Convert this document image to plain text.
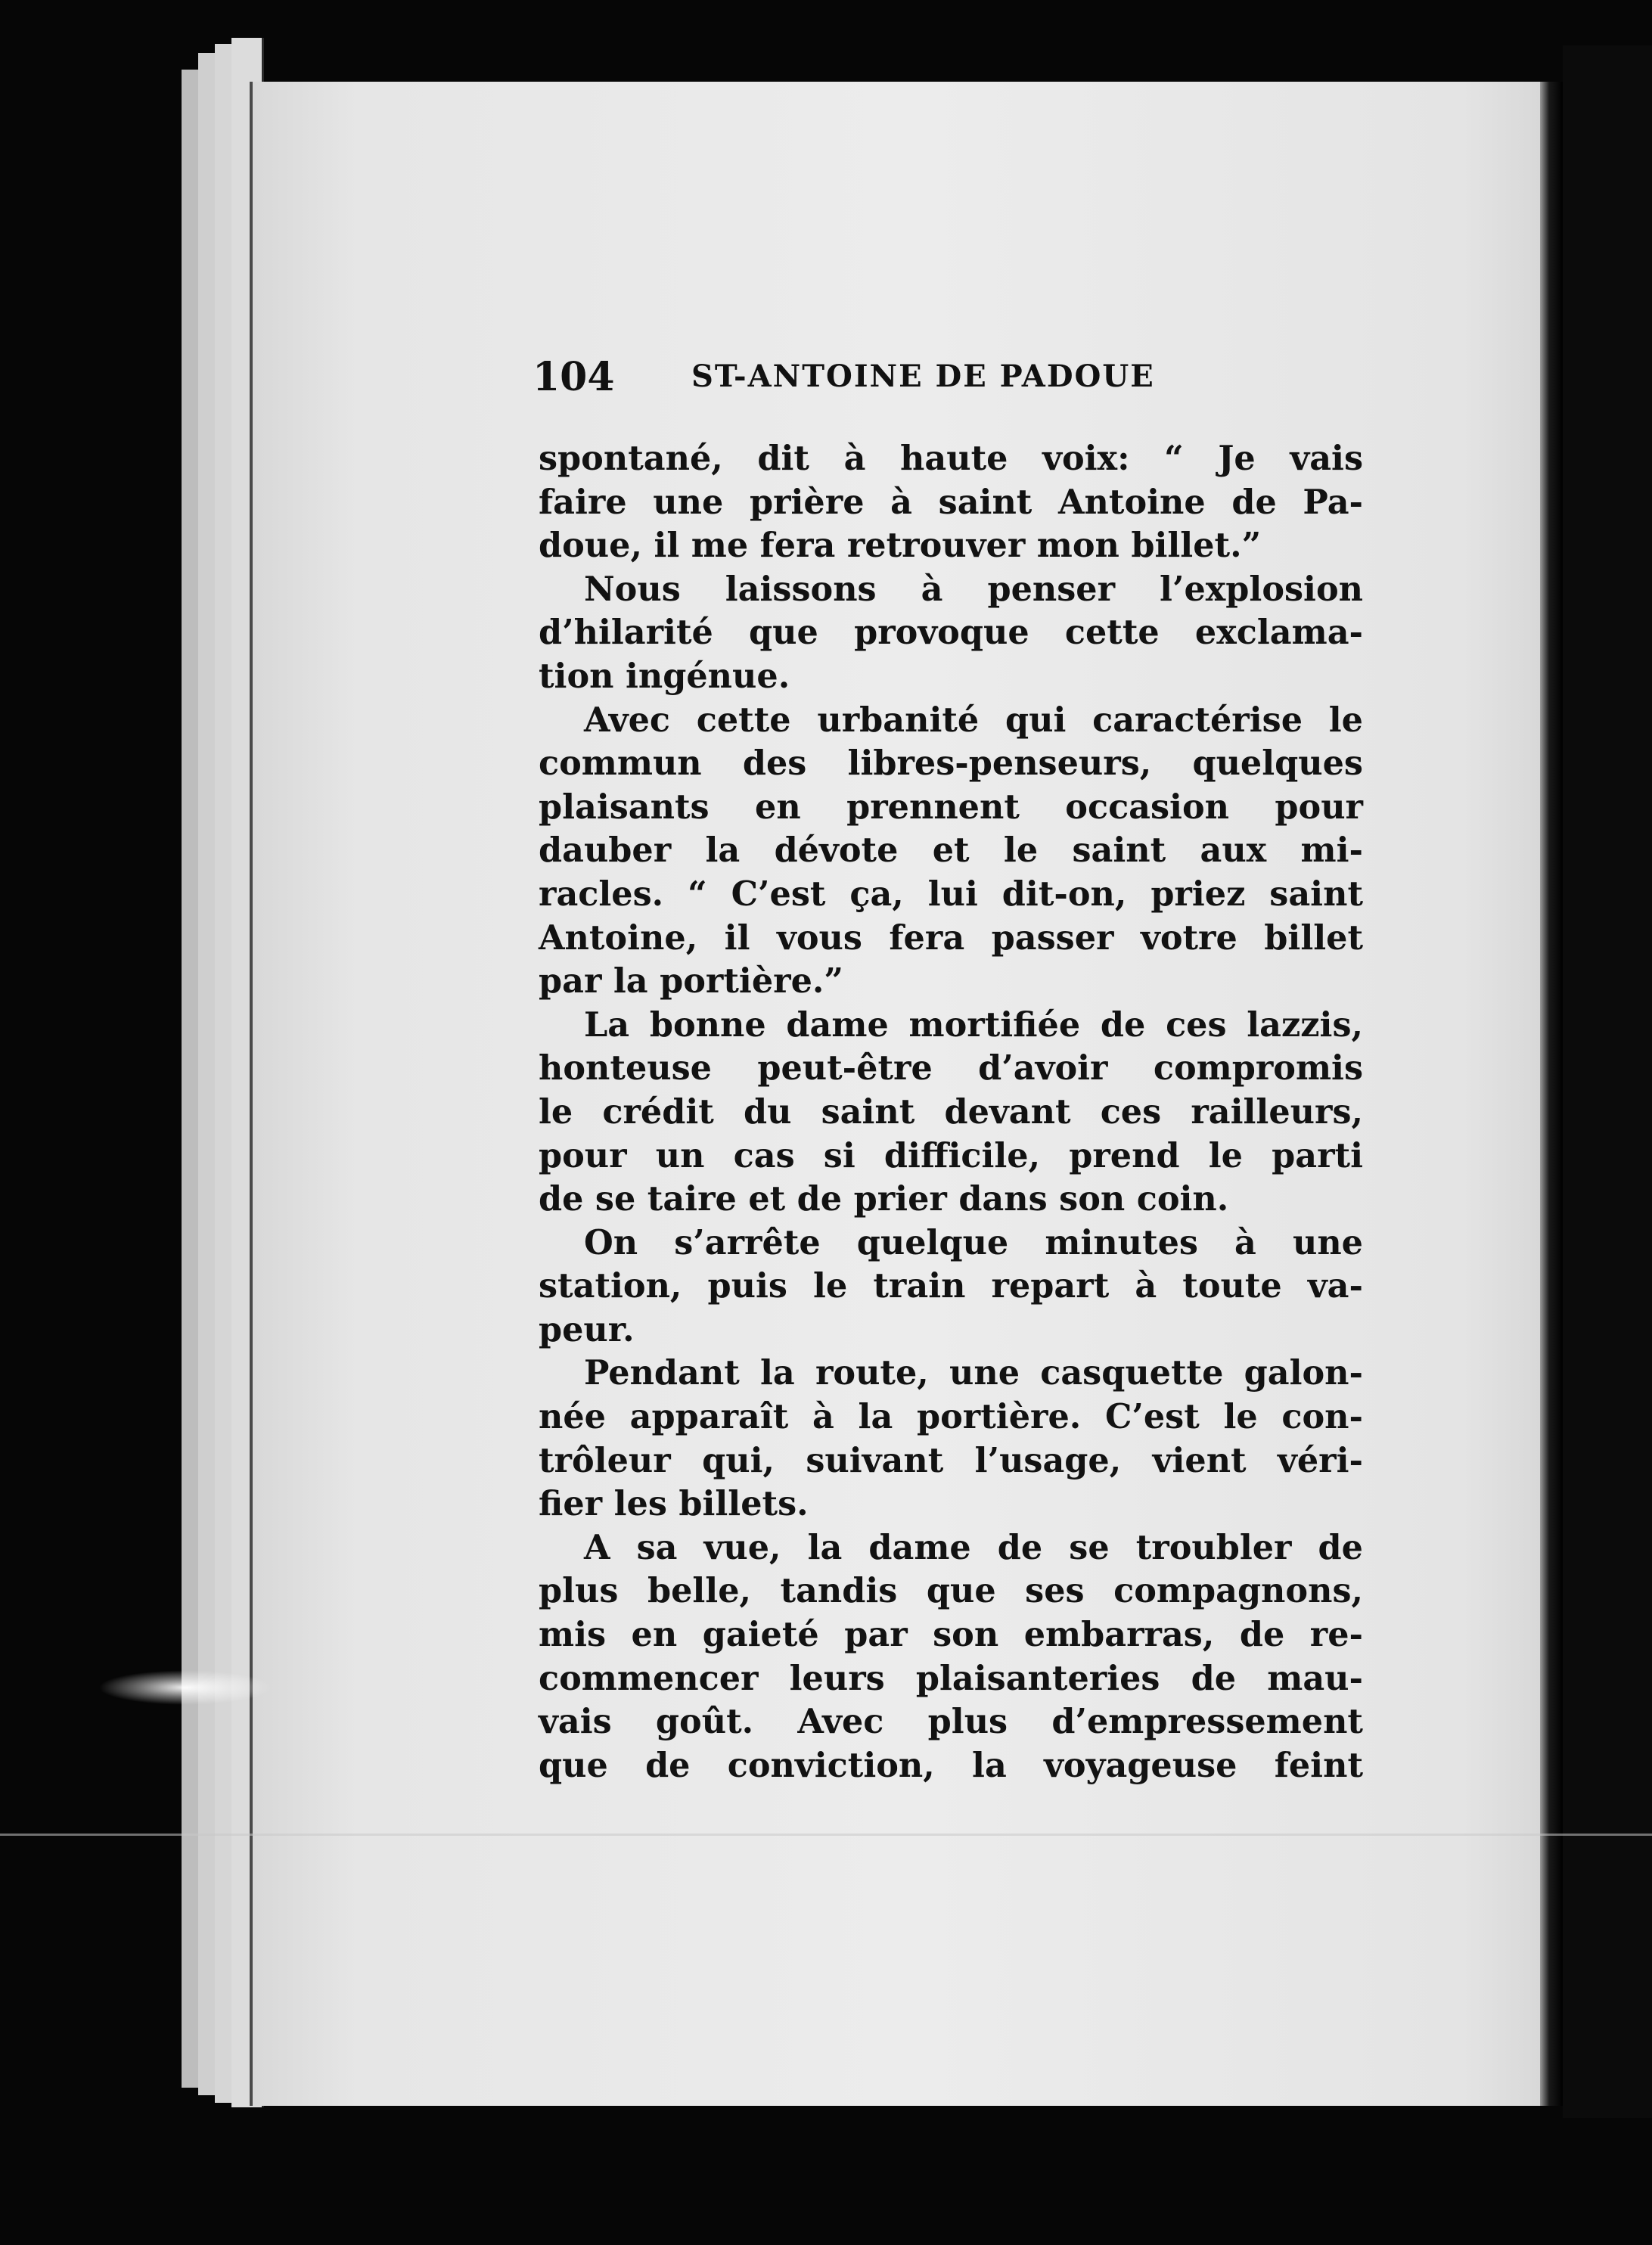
104	ST-ANTOINE DE PADOUE
spontané, dit à haute voix: “ Je vais
faire une prière à saint Antoine de Pa-
doue, il me fera retrouver mon billet.”
Nous laissons à penser l’explosion
d’hilarité que provoque cette exclama-
tion ingénue.
Avec cette urbanité qui caractérise le
commun des libres-penseurs, quelques
plaisants en prennent occasion pour
dauber la dévote et le saint aux mi-
racles. “ C’est ça, lui dit-on, priez saint
Antoine, il vous fera passer votre billet
par la portière.”
La bonne dame mortifiée de ces lazzis,
honteuse peut-être d’avoir compromis
le crédit du saint devant ces railleurs,
pour un cas si difficile, prend le parti
de se taire et de prier dans son coin.
On s’arrête quelque minutes à une
station, puis le train repart à toute va-
peur.
Pendant la route, une casquette galon-
née apparaît à la portière. C’est le con-
trôleur qui, suivant l’usage, vient véri-
fier les billets.
A sa vue, la dame de se troubler de
plus belle, tandis que ses compagnons,
mis en gaieté par son embarras, de re-
commencer leurs plaisanteries de mau-
vais goût. Avec plus d’empressement
que de conviction, la voyageuse feint
